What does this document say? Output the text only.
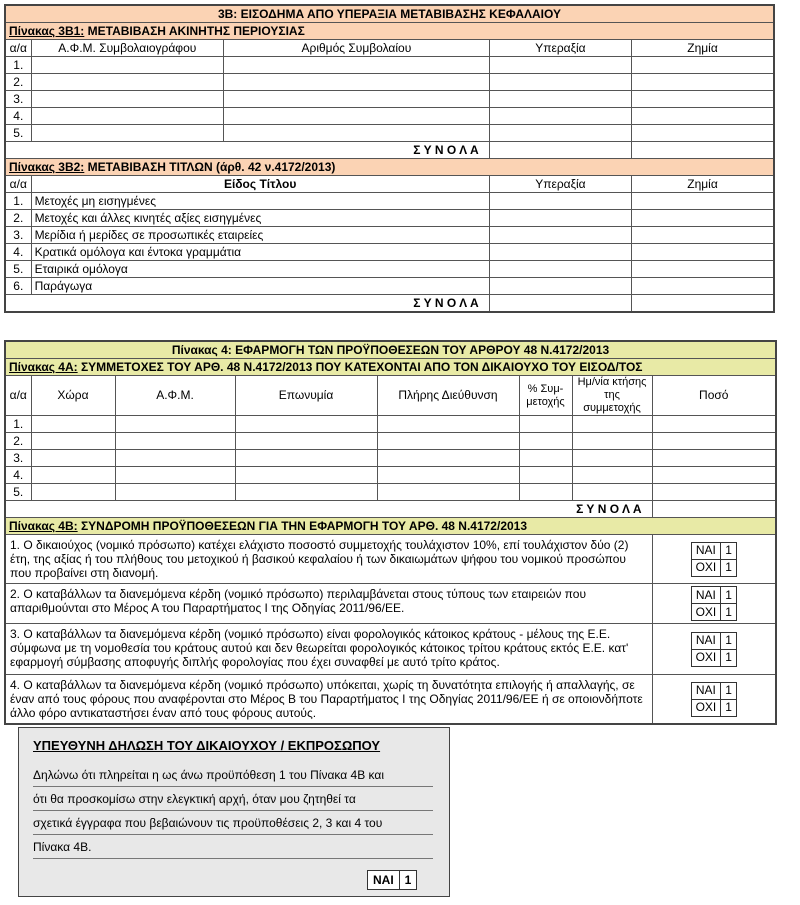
3B: ΕΙΣΟΔΗΜΑ ΑΠΟ ΥΠΕΡΑΞΙΑ ΜΕΤΑΒΙΒΑΣΗΣ ΚΕΦΑΛΑΙΟΥ				
Πίνακας 3Β1: ΜΕΤΑΒΙΒΑΣΗ ΑΚΙΝΗΤΗΣ ΠΕΡΙΟΥΣΙΑΣ				
α/α	Α.Φ.Μ. Συμβολαιογράφου	Αριθμός Συμβολαίου	Υπεραξία	Ζημία
1.				
2.				
3.				
4.				
5.				
Σ Υ Ν Ο Λ Α				
Πίνακας 3Β2: ΜΕΤΑΒΙΒΑΣΗ ΤΙΤΛΩΝ (άρθ. 42 ν.4172/2013)				
α/α	Είδος Τίτλου		Υπεραξία	Ζημία
1.	Μετοχές μη εισηγμένες			
2.	Μετοχές και άλλες κινητές αξίες εισηγμένες			
3.	Μερίδια ή μερίδες σε προσωπικές εταιρείες			
4.	Κρατικά ομόλογα και έντοκα γραμμάτια			
5.	Εταιρικά ομόλογα			
6.	Παράγωγα			
Σ Υ Ν Ο Λ Α				
Πίνακας 4: ΕΦΑΡΜΟΓΗ ΤΩΝ ΠΡΟΫΠΟΘΕΣΕΩΝ ΤΟΥ ΑΡΘΡΟΥ 48 Ν.4172/2013
Πίνακας 4Α: ΣΥΜΜΕΤΟΧΕΣ ΤΟΥ ΑΡΘ. 48 Ν.4172/2013 ΠΟΥ ΚΑΤΕΧΟΝΤΑΙ ΑΠΟ ΤΟΝ ΔΙΚΑΙΟΥΧΟ ΤΟΥ ΕΙΣΟΔ/ΤΟΣ
α/α	Χώρα	Α.Φ.Μ.	Επωνυμία	Πλήρης Διεύθυνση	% Συμ-μετοχής	Ημ/νία κτήσης της συμμετοχής	Ποσό
1.							
2.							
3.							
4.							
5.							
Σ Υ Ν Ο Λ Α	
Πίνακας 4Β: ΣΥΝΔΡΟΜΗ ΠΡΟΫΠΟΘΕΣΕΩΝ ΓΙΑ ΤΗΝ ΕΦΑΡΜΟΓΗ ΤΟΥ ΑΡΘ. 48 Ν.4172/2013
1. Ο δικαιούχος (νομικό πρόσωπο) κατέχει ελάχιστο ποσοστό συμμετοχής τουλάχιστον 10%, επί τουλάχιστον δύο (2) έτη, της αξίας ή του πλήθους του μετοχικού ή βασικού κεφαλαίου ή των δικαιωμάτων ψήφου του νομικού προσώπου που προβαίνει στη διανομή.	
ΝΑΙ	1
ΟΧΙ	1

2. Ο καταβάλλων τα διανεμόμενα κέρδη (νομικό πρόσωπο) περιλαμβάνεται στους τύπους των εταιρειών που απαριθμούνται στο Μέρος Α του Παραρτήματος Ι της Οδηγίας 2011/96/ΕΕ.	
ΝΑΙ	1
ΟΧΙ	1

3. Ο καταβάλλων τα διανεμόμενα κέρδη (νομικό πρόσωπο) είναι φορολογικός κάτοικος κράτους - μέλους της Ε.Ε. σύμφωνα με τη νομοθεσία του κράτους αυτού και δεν θεωρείται φορολογικός κάτοικος τρίτου κράτους εκτός Ε.Ε. κατ' εφαρμογή σύμβασης αποφυγής διπλής φορολογίας που έχει συναφθεί με αυτό τρίτο κράτος.	
ΝΑΙ	1
ΟΧΙ	1

4. Ο καταβάλλων τα διανεμόμενα κέρδη (νομικό πρόσωπο) υπόκειται, χωρίς τη δυνατότητα επιλογής ή απαλλαγής, σε έναν από τους φόρους που αναφέρονται στο Μέρος Β του Παραρτήματος Ι της Οδηγίας 2011/96/ΕΕ ή σε οποιονδήποτε άλλο φόρο αντικαταστήσει έναν από τους φόρους αυτούς.	
ΝΑΙ	1
ΟΧΙ	1
ΥΠΕΥΘΥΝΗ ΔΗΛΩΣΗ ΤΟΥ ΔΙΚΑΙΟΥΧΟΥ / ΕΚΠΡΟΣΩΠΟΥ
Δηλώνω ότι πληρείται η ως άνω προϋπόθεση 1 του Πίνακα 4Β και
ότι θα προσκομίσω στην ελεγκτική αρχή, όταν μου ζητηθεί τα
σχετικά έγγραφα που βεβαιώνουν τις προϋποθέσεις 2, 3 και 4 του
Πίνακα 4Β.
ΝΑΙ	1
